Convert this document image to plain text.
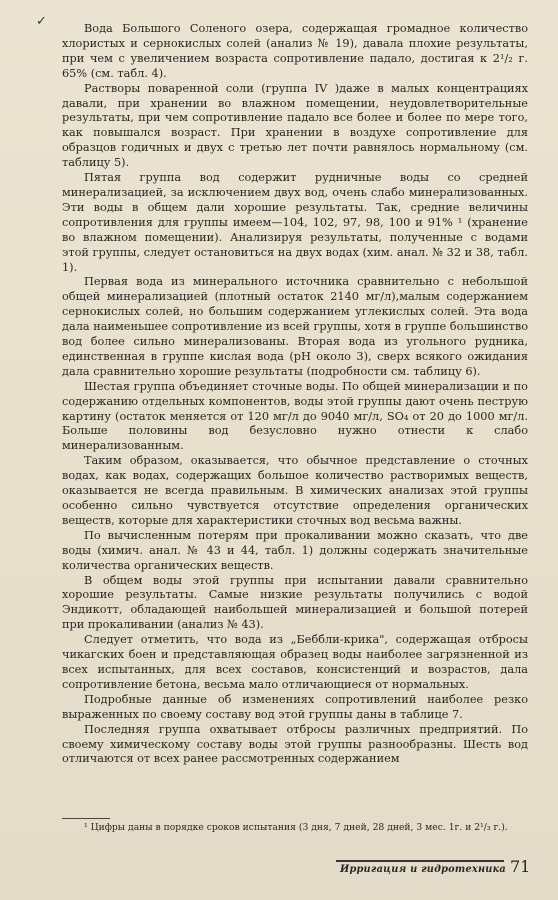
✓	Вода Большого Соленого озера, содержащая громадное количество хлористых и сернокислых солей (анализ № 19), давала плохие результаты, при чем с увеличением возраста сопротивление падало, достигая к 2¹/₂ г. 65% (см. табл. 4).

Растворы поваренной соли (группа IV )даже в малых концентрациях давали, при хранении во влажном помещении, неудовлетворительные результаты, при чем сопротивление падало все более и более по мере того, как повышался возраст. При хранении в воздухе сопротивление для образцов годичных и двух с третью лет почти равнялось нормальному (см. таблицу 5).

Пятая группа вод содержит рудничные воды со средней минерализацией, за исключением двух вод, очень слабо минерализованных. Эти воды в общем дали хорошие результаты. Так, средние величины сопротивления для группы имеем—104, 102, 97, 98, 100 и 91% ¹ (хранение во влажном помещении). Анализируя результаты, полученные с водами этой группы, следует остановиться на двух водах (хим. анал. № 32 и 38, табл. 1).

Первая вода из минерального источника сравнительно с небольшой общей минерализацией (плотный остаток 2140 мг/л),малым содержанием сернокислых солей, но большим содержанием углекислых солей. Эта вода дала наименьшее сопротивление из всей группы, хотя в группе большинство вод более сильно минерализованы. Вторая вода из угольного рудника, единственная в группе кислая вода (рН около 3), сверх всякого ожидания дала сравнительно хорошие результаты (подробности см. таблицу 6).

Шестая группа объединяет сточные воды. По общей минерализации и по содержанию отдельных компонентов, воды этой группы дают очень пеструю картину (остаток меняется от 120 мг/л до 9040 мг/л, SO₄ от 20 до 1000 мг/л. Больше половины вод безусловно нужно отнести к слабо минерализованным.

Таким образом, оказывается, что обычное представление о сточных водах, как водах, содержащих большое количество растворимых веществ, оказывается не всегда правильным. В химических анализах этой группы особенно сильно чувствуется отсутствие определения органических веществ, которые для характеристики сточных вод весьма важны.

По вычисленным потерям при прокаливании можно сказать, что две воды (химич. анал. № 43 и 44, табл. 1) должны содержать значительные количества органических веществ.

В общем воды этой группы при испытании давали сравнительно хорошие результаты. Самые низкие результаты получились с водой Эндикотт, обладающей наибольшей минерализацией и большой потерей при прокаливании (анализ № 43).

Следует отметить, что вода из „Беббли-крика", содержащая отбросы чикагских боен и представляющая образец воды наиболее загрязненной из всех испытанных, для всех составов, консистенций и возрастов, дала сопротивление бетона, весьма мало отличающиеся от нормальных.

Подробные данные об изменениях сопротивлений наиболее резко выраженных по своему составу вод этой группы даны в таблице 7.

Последняя группа охватывает отбросы различных предприятий. По своему химическому составу воды этой группы разнообразны. Шесть вод отличаются от всех ранее рассмотренных содержанием

¹ Цифры даны в порядке сроков испытания (3 дня, 7 дней, 28 дней, 3 мес. 1г. и 2¹/₃ г.).
Ирригация и гидротехника 71
